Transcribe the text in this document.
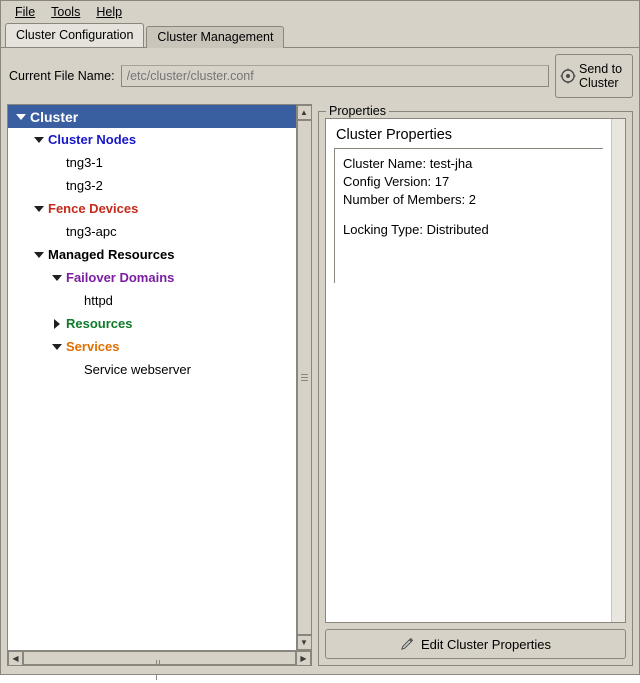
File	Tools	Help
Cluster Configuration	Cluster Management
Current File Name:
/etc/cluster/cluster.conf	Send to
Cluster
Cluster
Cluster Nodes
tng3-1
tng3-2
Fence Devices
tng3-apc
Managed Resources
Failover Domains
httpd
Resources
Services
Service webserver
▲
▼
◀	▶
Properties
Cluster Properties
Cluster Name: test-jha
Config Version: 17
Number of Members: 2
Locking Type: Distributed
Edit Cluster Properties
